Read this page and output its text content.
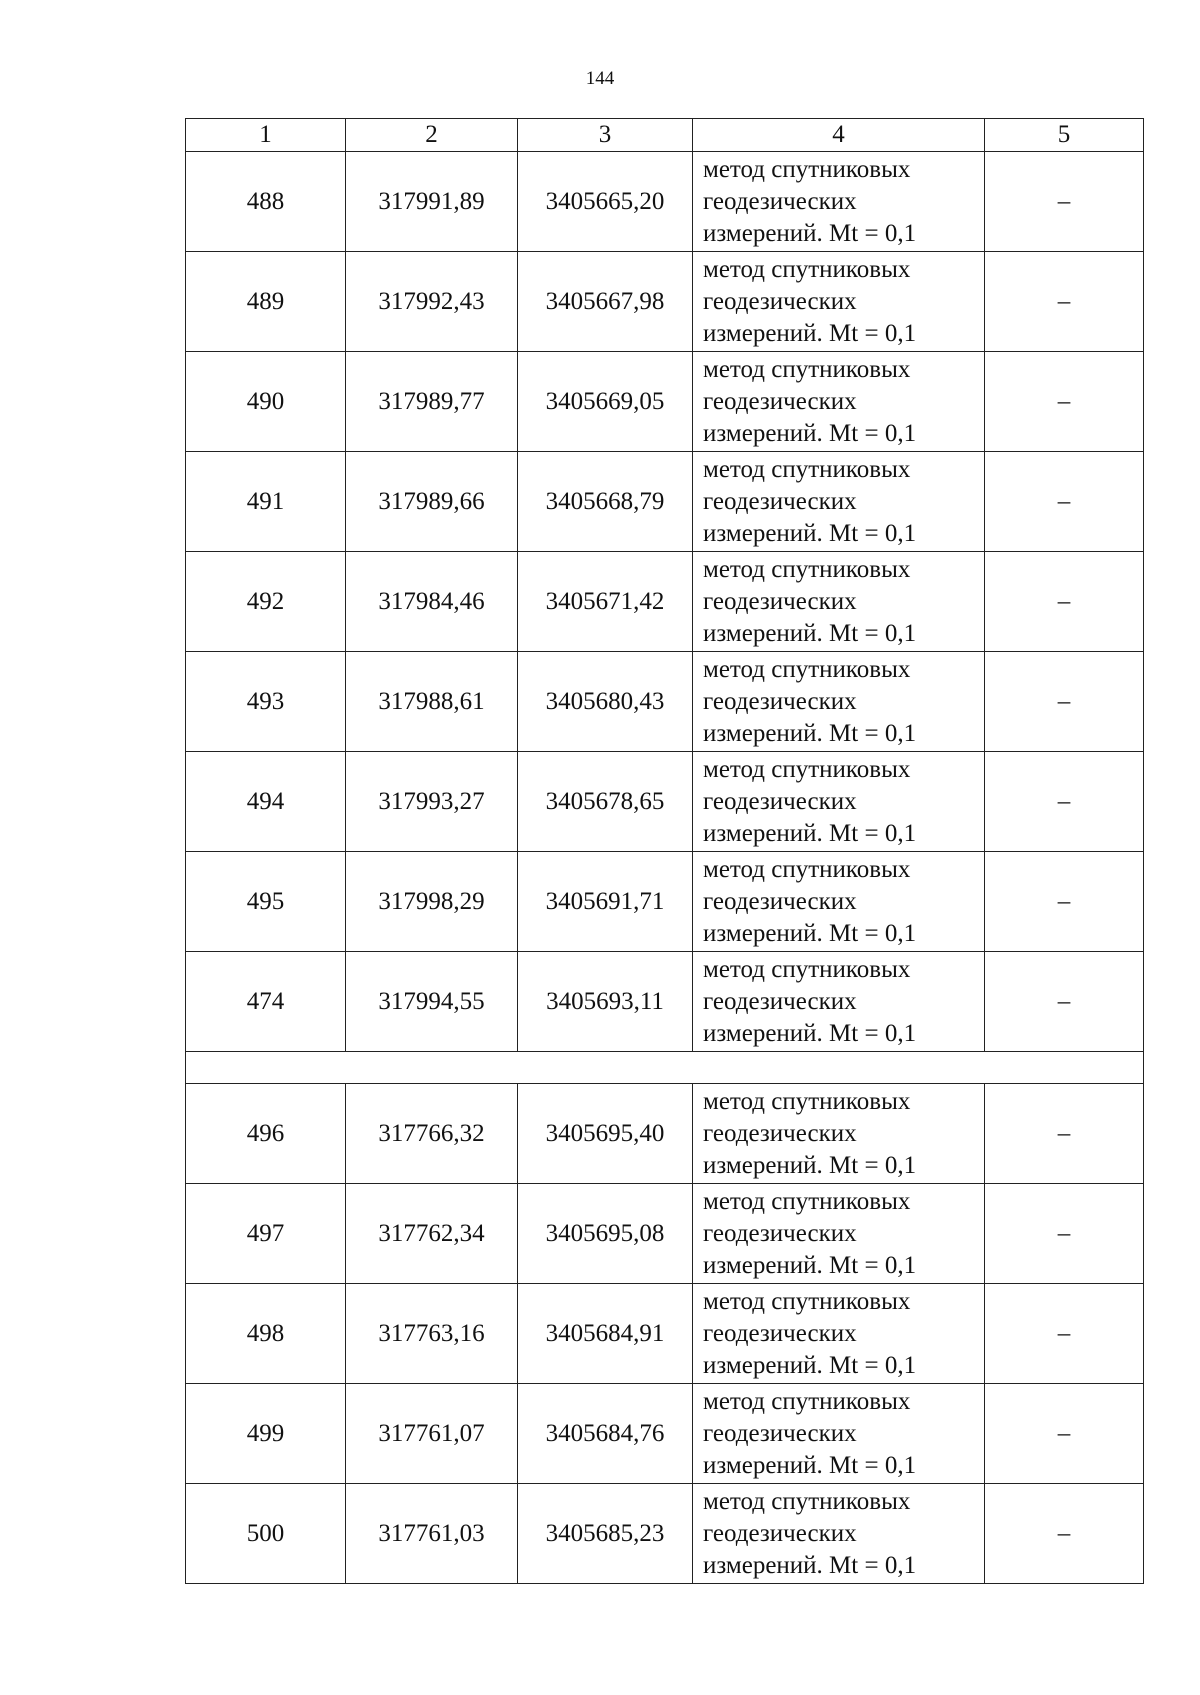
144
1	2	3	4	5
488	317991,89	3405665,20	метод спутниковых
геодезических
измерений. Mt = 0,1	–
489	317992,43	3405667,98	метод спутниковых
геодезических
измерений. Mt = 0,1	–
490	317989,77	3405669,05	метод спутниковых
геодезических
измерений. Mt = 0,1	–
491	317989,66	3405668,79	метод спутниковых
геодезических
измерений. Mt = 0,1	–
492	317984,46	3405671,42	метод спутниковых
геодезических
измерений. Mt = 0,1	–
493	317988,61	3405680,43	метод спутниковых
геодезических
измерений. Mt = 0,1	–
494	317993,27	3405678,65	метод спутниковых
геодезических
измерений. Mt = 0,1	–
495	317998,29	3405691,71	метод спутниковых
геодезических
измерений. Mt = 0,1	–
474	317994,55	3405693,11	метод спутниковых
геодезических
измерений. Mt = 0,1	–

496	317766,32	3405695,40	метод спутниковых
геодезических
измерений. Mt = 0,1	–
497	317762,34	3405695,08	метод спутниковых
геодезических
измерений. Mt = 0,1	–
498	317763,16	3405684,91	метод спутниковых
геодезических
измерений. Mt = 0,1	–
499	317761,07	3405684,76	метод спутниковых
геодезических
измерений. Mt = 0,1	–
500	317761,03	3405685,23	метод спутниковых
геодезических
измерений. Mt = 0,1	–
